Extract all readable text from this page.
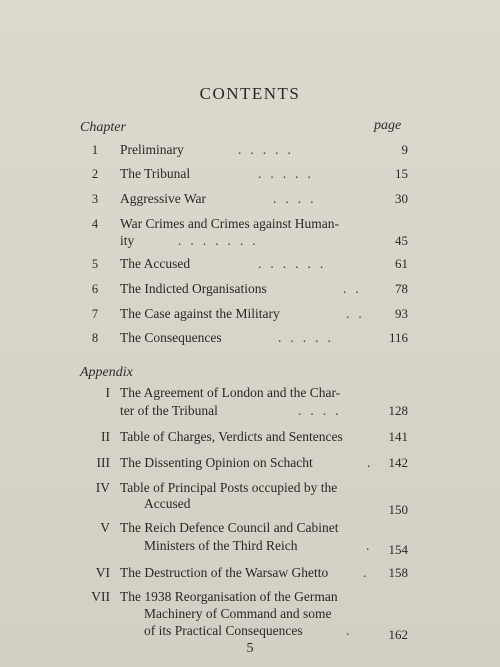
CONTENTS
Chapter	page
1	Preliminary	.....	9
2	The Tribunal	.....	15
3	Aggressive War	....	30
4	War Crimes and Crimes against Human-
ity	.......	45
5	The Accused	......	61
6	The Indicted Organisations	.. 78
7	The Case against the Military	.. 93
8	The Consequences	.....	116
Appendix
I The Agreement of London and the Char-
ter of the Tribunal	....	128
II Table of Charges, Verdicts and Sentences	141
III The Dissenting Opinion on Schacht	. 142
IV Table of Principal Posts occupied by the
Accused	150
V The Reich Defence Council and Cabinet
Ministers of the Third Reich	. 154
VI The Destruction of the Warsaw Ghetto	. 158
VII The 1938 Reorganisation of the German
Machinery of Command and some
of its Practical Consequences	. 162
5
